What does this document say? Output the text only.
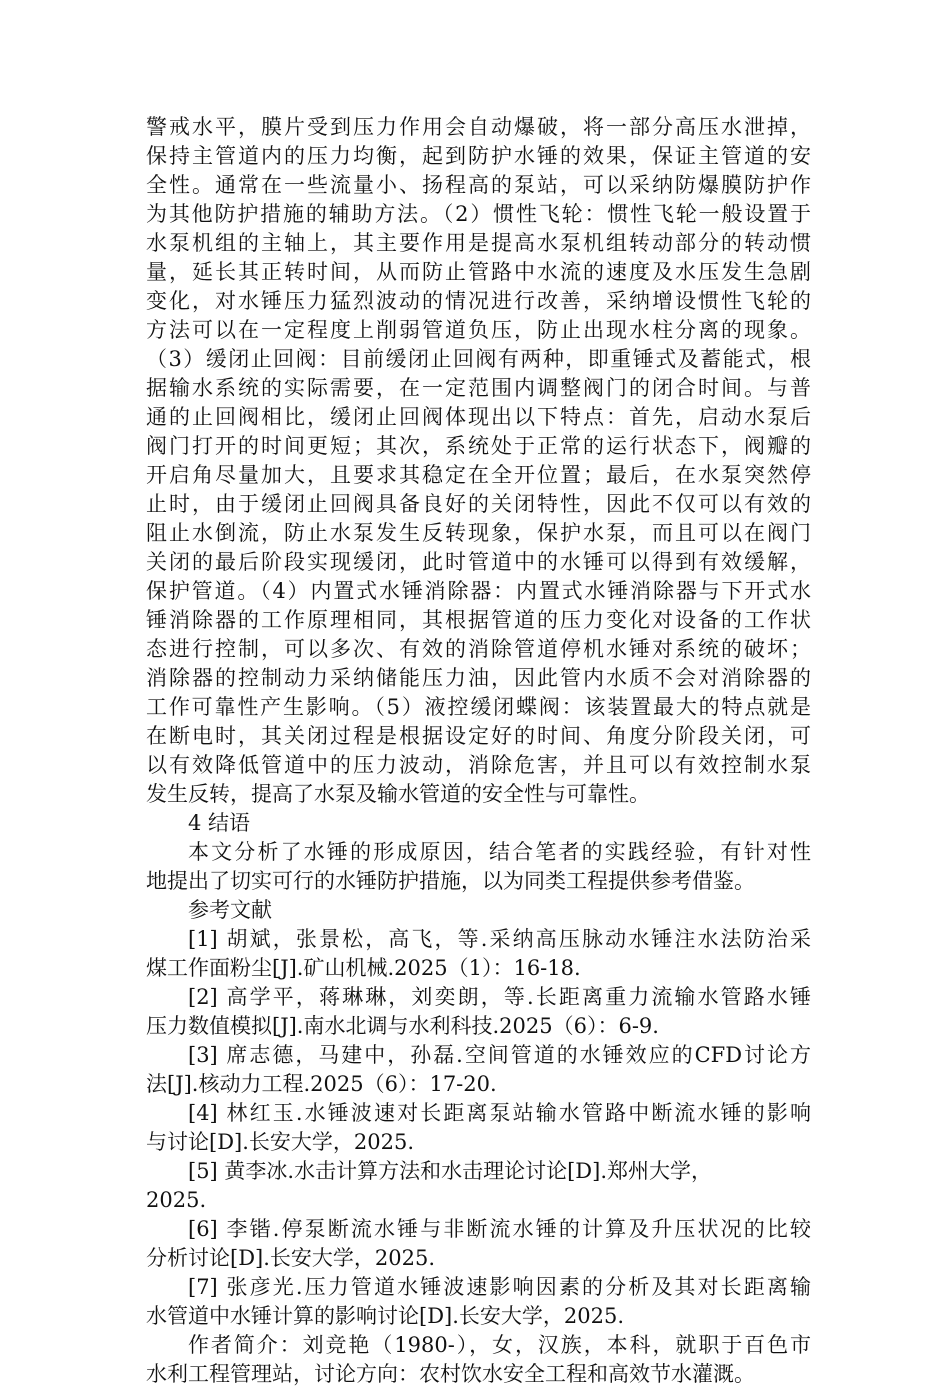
警戒水平，膜片受到压力作用会自动爆破，将一部分高压水泄掉，
保持主管道内的压力均衡，起到防护水锤的效果，保证主管道的安
全性。通常在一些流量小、扬程高的泵站，可以采纳防爆膜防护作
为其他防护措施的辅助方法。（2）惯性飞轮：惯性飞轮一般设置于
水泵机组的主轴上，其主要作用是提高水泵机组转动部分的转动惯
量，延长其正转时间，从而防止管路中水流的速度及水压发生急剧
变化，对水锤压力猛烈波动的情况进行改善，采纳增设惯性飞轮的
方法可以在一定程度上削弱管道负压，防止出现水柱分离的现象。
（3）缓闭止回阀：目前缓闭止回阀有两种，即重锤式及蓄能式，根
据输水系统的实际需要，在一定范围内调整阀门的闭合时间。与普
通的止回阀相比，缓闭止回阀体现出以下特点：首先，启动水泵后
阀门打开的时间更短；其次，系统处于正常的运行状态下，阀瓣的
开启角尽量加大，且要求其稳定在全开位置；最后，在水泵突然停
止时，由于缓闭止回阀具备良好的关闭特性，因此不仅可以有效的
阻止水倒流，防止水泵发生反转现象，保护水泵，而且可以在阀门
关闭的最后阶段实现缓闭，此时管道中的水锤可以得到有效缓解，
保护管道。（4）内置式水锤消除器：内置式水锤消除器与下开式水
锤消除器的工作原理相同，其根据管道的压力变化对设备的工作状
态进行控制，可以多次、有效的消除管道停机水锤对系统的破坏；
消除器的控制动力采纳储能压力油，因此管内水质不会对消除器的
工作可靠性产生影响。（5）液控缓闭蝶阀：该装置最大的特点就是
在断电时，其关闭过程是根据设定好的时间、角度分阶段关闭，可
以有效降低管道中的压力波动，消除危害，并且可以有效控制水泵
发生反转，提高了水泵及输水管道的安全性与可靠性。
4 结语
本文分析了水锤的形成原因，结合笔者的实践经验，有针对性
地提出了切实可行的水锤防护措施，以为同类工程提供参考借鉴。
参考文献
[1] 胡斌，张景松，高飞，等.采纳高压脉动水锤注水法防治采
煤工作面粉尘[J].矿山机械.2025（1）：16-18.
[2] 高学平，蒋琳琳，刘奕朗，等.长距离重力流输水管路水锤
压力数值模拟[J].南水北调与水利科技.2025（6）：6-9.
[3] 席志德，马建中，孙磊.空间管道的水锤效应的CFD讨论方
法[J].核动力工程.2025（6）：17-20.
[4] 林红玉.水锤波速对长距离泵站输水管路中断流水锤的影响
与讨论[D].长安大学，2025.
[5] 黄李冰.水击计算方法和水击理论讨论[D].郑州大学，
2025.
[6] 李锴.停泵断流水锤与非断流水锤的计算及升压状况的比较
分析讨论[D].长安大学，2025.
[7] 张彦光.压力管道水锤波速影响因素的分析及其对长距离输
水管道中水锤计算的影响讨论[D].长安大学，2025.
作者简介：刘竞艳（1980-），女，汉族，本科，就职于百色市
水利工程管理站，讨论方向：农村饮水安全工程和高效节水灌溉。
